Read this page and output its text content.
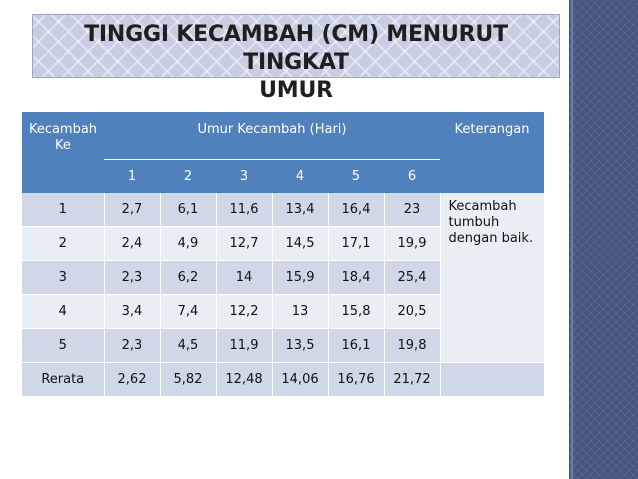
TINGGI KECAMBAH (CM) MENURUT TINGKAT
UMUR
Kecambah Ke	Umur Kecambah (Hari)						Keterangan
	1	2	3	4	5	6	
1	2,7	6,1	11,6	13,4	16,4	23	Kecambah tumbuh dengan baik.
2	2,4	4,9	12,7	14,5	17,1	19,9	
3	2,3	6,2	14	15,9	18,4	25,4	
4	3,4	7,4	12,2	13	15,8	20,5	
5	2,3	4,5	11,9	13,5	16,1	19,8	
Rerata	2,62	5,82	12,48	14,06	16,76	21,72	
